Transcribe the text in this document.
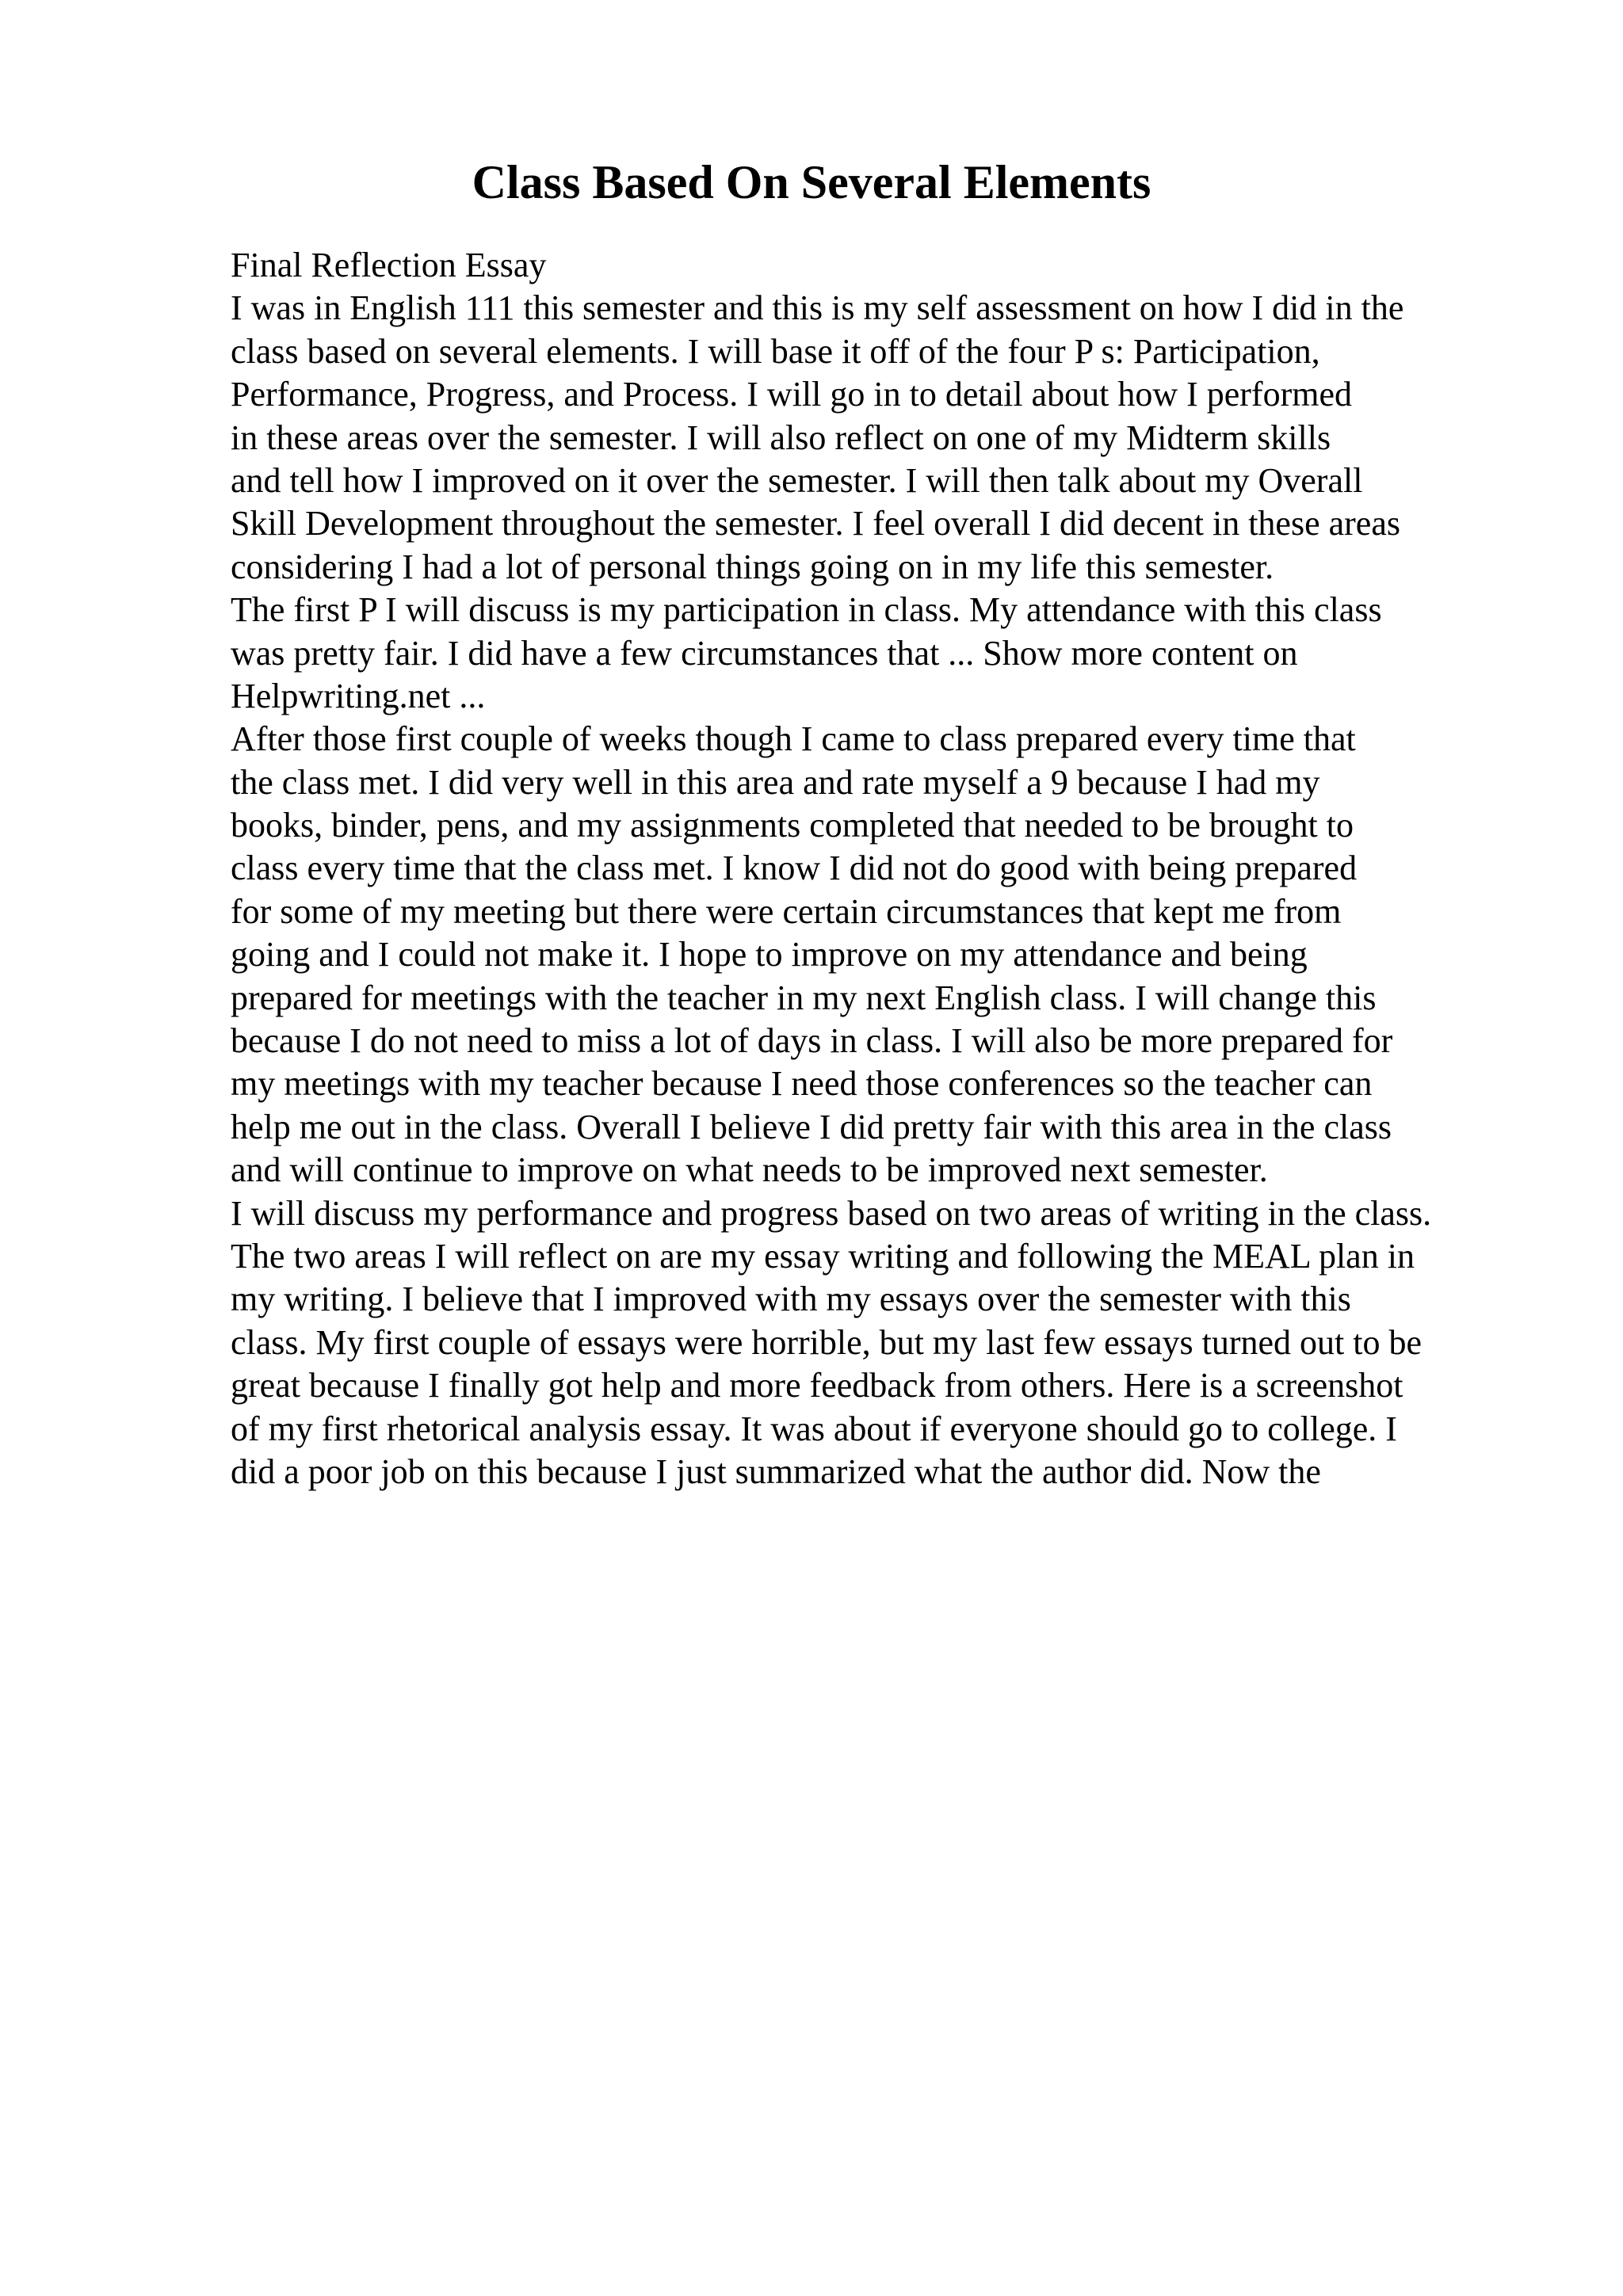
Class Based On Several Elements
Final Reflection Essay
I was in English 111 this semester and this is my self assessment on how I did in the
class based on several elements. I will base it off of the four P s: Participation,
Performance, Progress, and Process. I will go in to detail about how I performed
in these areas over the semester. I will also reflect on one of my Midterm skills
and tell how I improved on it over the semester. I will then talk about my Overall
Skill Development throughout the semester. I feel overall I did decent in these areas
considering I had a lot of personal things going on in my life this semester.
The first P I will discuss is my participation in class. My attendance with this class
was pretty fair. I did have a few circumstances that ... Show more content on
Helpwriting.net ...
After those first couple of weeks though I came to class prepared every time that
the class met. I did very well in this area and rate myself a 9 because I had my
books, binder, pens, and my assignments completed that needed to be brought to
class every time that the class met. I know I did not do good with being prepared
for some of my meeting but there were certain circumstances that kept me from
going and I could not make it. I hope to improve on my attendance and being
prepared for meetings with the teacher in my next English class. I will change this
because I do not need to miss a lot of days in class. I will also be more prepared for
my meetings with my teacher because I need those conferences so the teacher can
help me out in the class. Overall I believe I did pretty fair with this area in the class
and will continue to improve on what needs to be improved next semester.
I will discuss my performance and progress based on two areas of writing in the class.
The two areas I will reflect on are my essay writing and following the MEAL plan in
my writing. I believe that I improved with my essays over the semester with this
class. My first couple of essays were horrible, but my last few essays turned out to be
great because I finally got help and more feedback from others. Here is a screenshot
of my first rhetorical analysis essay. It was about if everyone should go to college. I
did a poor job on this because I just summarized what the author did. Now the
